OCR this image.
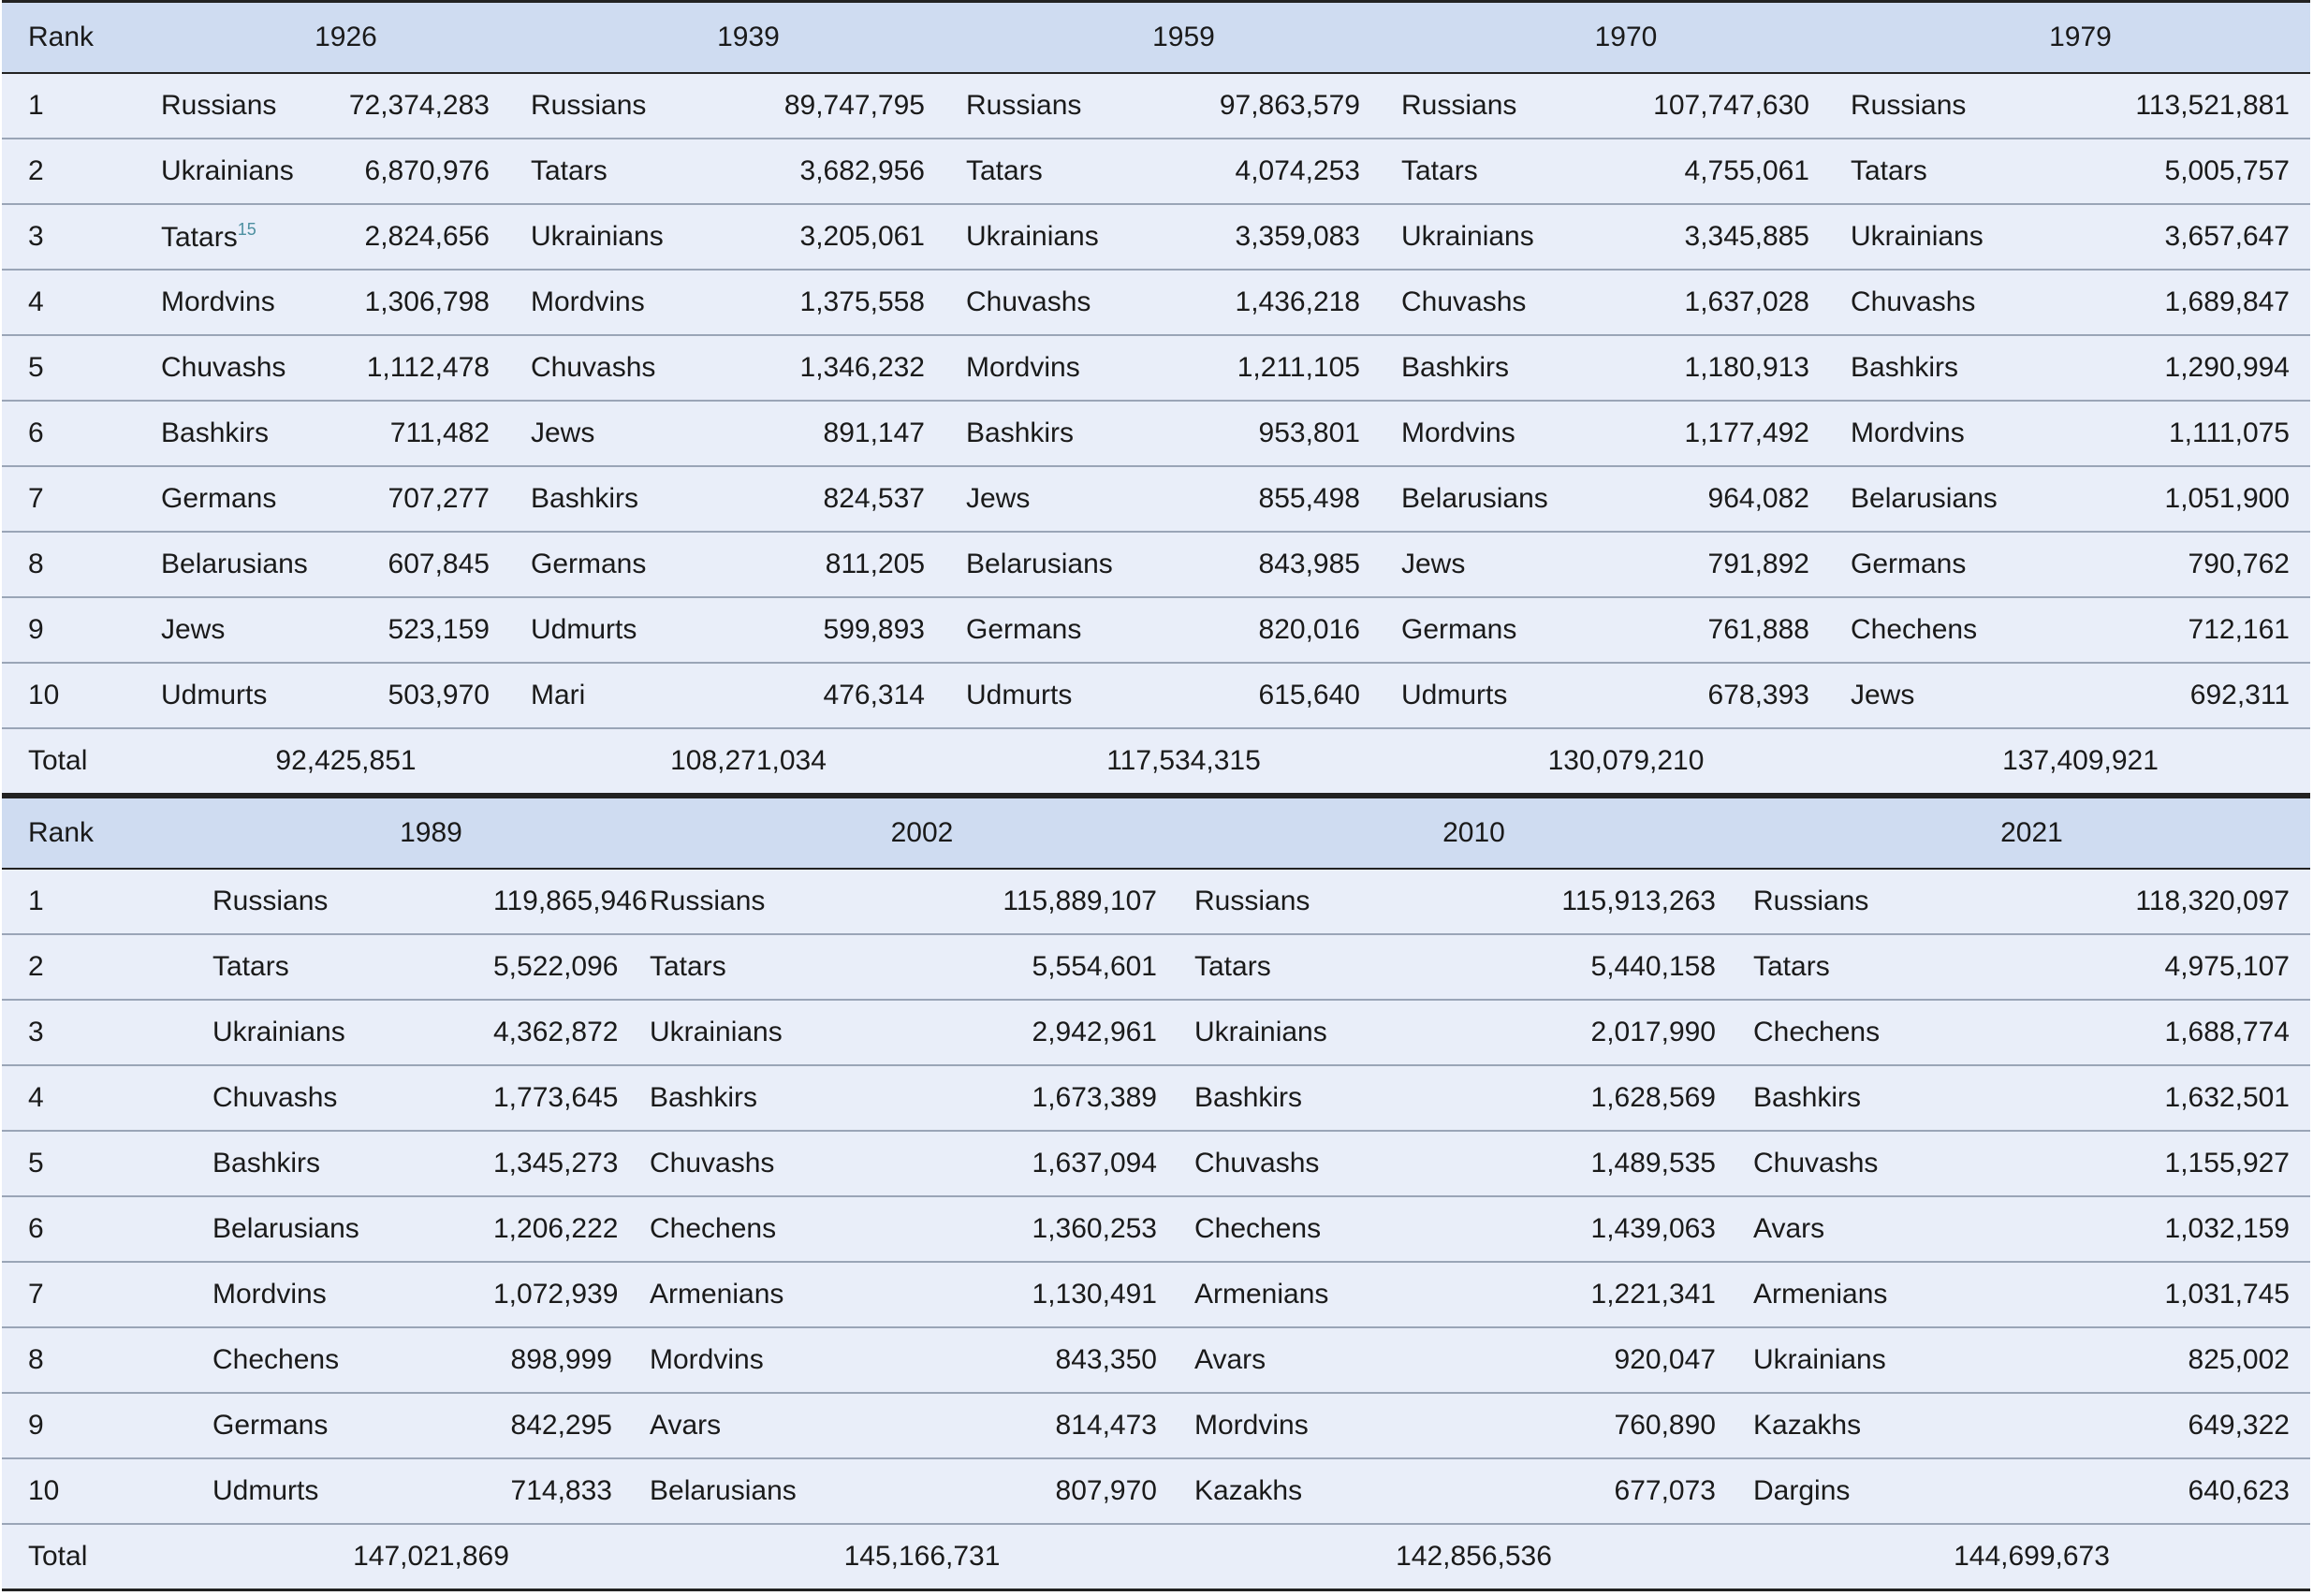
Rank	1926		1939		1959		1970		1979	
1	Russians	72,374,283	Russians	89,747,795	Russians	97,863,579	Russians	107,747,630	Russians	113,521,881
2	Ukrainians	6,870,976	Tatars	3,682,956	Tatars	4,074,253	Tatars	4,755,061	Tatars	5,005,757
3	Tatars$^{15}$	2,824,656	Ukrainians	3,205,061	Ukrainians	3,359,083	Ukrainians	3,345,885	Ukrainians	3,657,647
4	Mordvins	1,306,798	Mordvins	1,375,558	Chuvashs	1,436,218	Chuvashs	1,637,028	Chuvashs	1,689,847
5	Chuvashs	1,112,478	Chuvashs	1,346,232	Mordvins	1,211,105	Bashkirs	1,180,913	Bashkirs	1,290,994
6	Bashkirs	711,482	Jews	891,147	Bashkirs	953,801	Mordvins	1,177,492	Mordvins	1,111,075
7	Germans	707,277	Bashkirs	824,537	Jews	855,498	Belarusians	964,082	Belarusians	1,051,900
8	Belarusians	607,845	Germans	811,205	Belarusians	843,985	Jews	791,892	Germans	790,762
9	Jews	523,159	Udmurts	599,893	Germans	820,016	Germans	761,888	Chechens	712,161
10	Udmurts	503,970	Mari	476,314	Udmurts	615,640	Udmurts	678,393	Jews	692,311
Total	92,425,851		108,271,034		117,534,315		130,079,210		137,409,921	
Rank	1989		2002		2010		2021	
1	Russians	119,865,946	Russians	115,889,107	Russians	115,913,263	Russians	118,320,097
2	Tatars	5,522,096	Tatars	5,554,601	Tatars	5,440,158	Tatars	4,975,107
3	Ukrainians	4,362,872	Ukrainians	2,942,961	Ukrainians	2,017,990	Chechens	1,688,774
4	Chuvashs	1,773,645	Bashkirs	1,673,389	Bashkirs	1,628,569	Bashkirs	1,632,501
5	Bashkirs	1,345,273	Chuvashs	1,637,094	Chuvashs	1,489,535	Chuvashs	1,155,927
6	Belarusians	1,206,222	Chechens	1,360,253	Chechens	1,439,063	Avars	1,032,159
7	Mordvins	1,072,939	Armenians	1,130,491	Armenians	1,221,341	Armenians	1,031,745
8	Chechens	898,999	Mordvins	843,350	Avars	920,047	Ukrainians	825,002
9	Germans	842,295	Avars	814,473	Mordvins	760,890	Kazakhs	649,322
10	Udmurts	714,833	Belarusians	807,970	Kazakhs	677,073	Dargins	640,623
Total	147,021,869		145,166,731		142,856,536		144,699,673	
